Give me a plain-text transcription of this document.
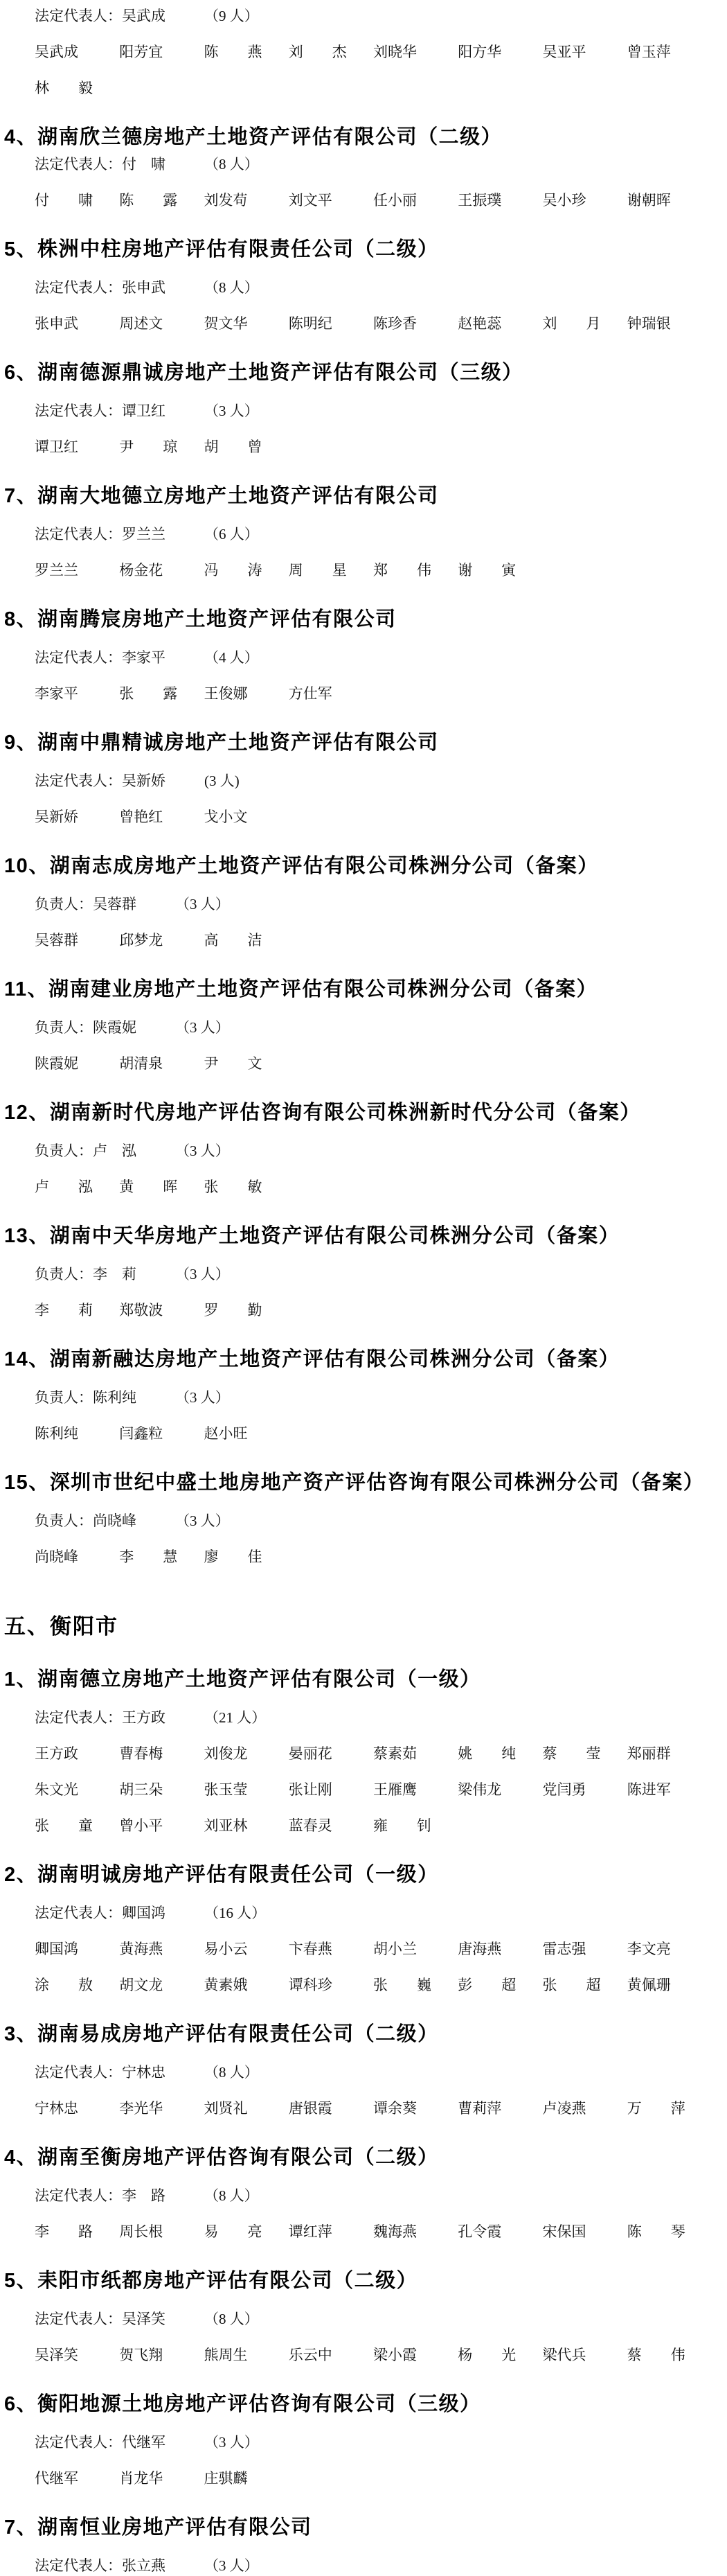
法定代表人：吴武成	（9 人）
吴武成	阳芳宜	陈　　燕	刘　　杰	刘晓华	阳方华	吴亚平	曾玉萍
林　　毅
4、湖南欣兰德房地产土地资产评估有限公司（二级）
法定代表人：付　啸	（8 人）
付　　啸	陈　　露	刘发苟	刘文平	任小丽	王振璞	吴小珍	谢朝晖
5、株洲中柱房地产评估有限责任公司（二级）
法定代表人：张申武	（8 人）
张申武	周述文	贺文华	陈明纪	陈珍香	赵艳蕊	刘　　月	钟瑞银
6、湖南德源鼎诚房地产土地资产评估有限公司（三级）
法定代表人：谭卫红	（3 人）
谭卫红	尹　　琼	胡　　曾
7、湖南大地德立房地产土地资产评估有限公司
法定代表人：罗兰兰	（6 人）
罗兰兰	杨金花	冯　　涛	周　　星	郑　　伟	谢　　寅
8、湖南腾宸房地产土地资产评估有限公司
法定代表人：李家平	（4 人）
李家平	张　　露	王俊娜	方仕军
9、湖南中鼎精诚房地产土地资产评估有限公司
法定代表人：吴新娇	(3 人)
吴新娇	曾艳红	戈小文
10、湖南志成房地产土地资产评估有限公司株洲分公司（备案）
负责人：吴蓉群	（3 人）
吴蓉群	邱梦龙	高　　洁
11、湖南建业房地产土地资产评估有限公司株洲分公司（备案）
负责人：陕霞妮	（3 人）
陕霞妮	胡清泉	尹　　文
12、湖南新时代房地产评估咨询有限公司株洲新时代分公司（备案）
负责人：卢　泓	（3 人）
卢　　泓	黄　　晖	张　　敏
13、湖南中天华房地产土地资产评估有限公司株洲分公司（备案）
负责人：李　莉	（3 人）
李　　莉	郑敬波	罗　　勤
14、湖南新融达房地产土地资产评估有限公司株洲分公司（备案）
负责人：陈利纯	（3 人）
陈利纯	闫鑫粒	赵小旺
15、深圳市世纪中盛土地房地产资产评估咨询有限公司株洲分公司（备案）
负责人：尚晓峰	（3 人）
尚晓峰	李　　慧	廖　　佳
五、衡阳市
1、湖南德立房地产土地资产评估有限公司（一级）
法定代表人：王方政	（21 人）
王方政	曹春梅	刘俊龙	晏丽花	蔡素茹	姚　　纯	蔡　　莹	郑丽群
朱文光	胡三朵	张玉莹	张让刚	王雁鹰	梁伟龙	党闫勇	陈进军
张　　童	曾小平	刘亚林	蓝春灵	雍　　钊
2、湖南明诚房地产评估有限责任公司（一级）
法定代表人：卿国鸿	（16 人）
卿国鸿	黄海燕	易小云	卞春燕	胡小兰	唐海燕	雷志强	李文亮
涂　　敖	胡文龙	黄素娥	谭科珍	张　　巍	彭　　超	张　　超	黄佩珊
3、湖南易成房地产评估有限责任公司（二级）
法定代表人：宁林忠	（8 人）
宁林忠	李光华	刘贤礼	唐银霞	谭余葵	曹莉萍	卢凌燕	万　　萍
4、湖南至衡房地产评估咨询有限公司（二级）
法定代表人：李　路	（8 人）
李　　路	周长根	易　　亮	谭红萍	魏海燕	孔令霞	宋保国	陈　　琴
5、耒阳市纸都房地产评估有限公司（二级）
法定代表人：吴泽笑	（8 人）
吴泽笑	贺飞翔	熊周生	乐云中	梁小霞	杨　　光	梁代兵	蔡　　伟
6、衡阳地源土地房地产评估咨询有限公司（三级）
法定代表人：代继军	（3 人）
代继军	肖龙华	庄骐麟
7、湖南恒业房地产评估有限公司
法定代表人：张立燕	（3 人）
